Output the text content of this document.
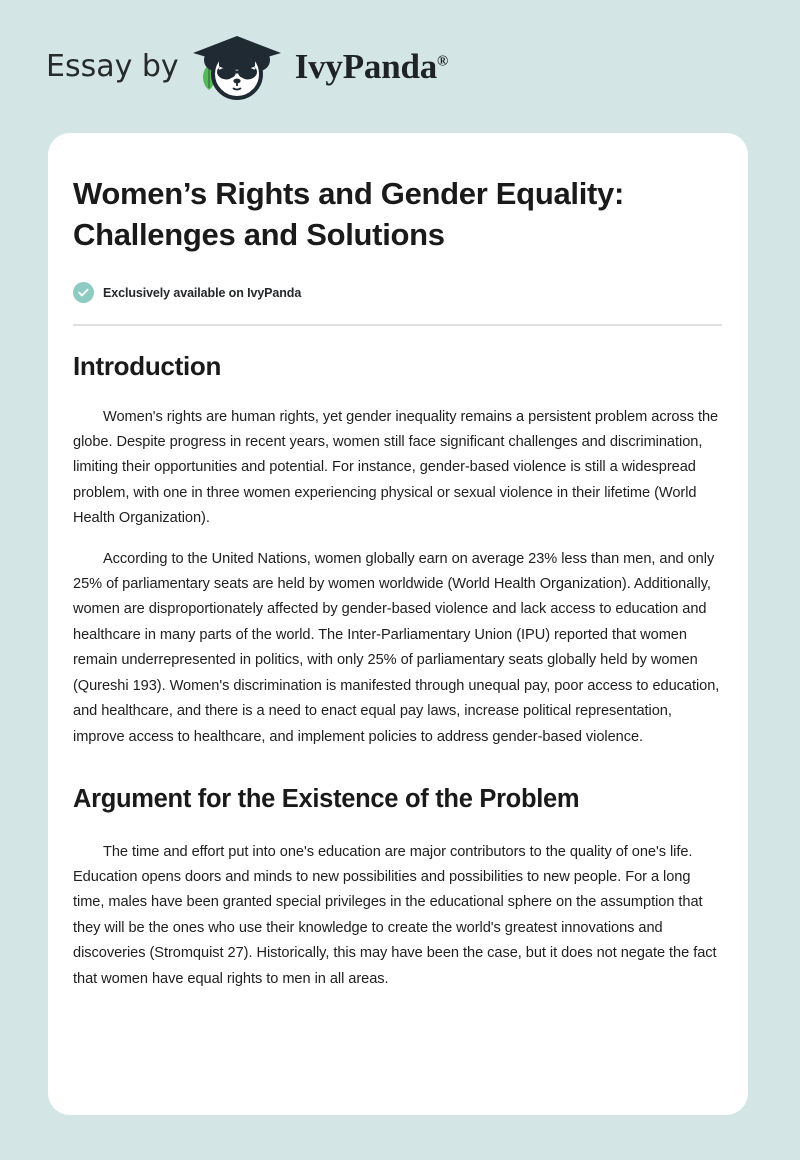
Essay by	IvyPanda®
Women’s Rights and Gender Equality: Challenges and Solutions
Exclusively available on IvyPanda
Introduction

Women's rights are human rights, yet gender inequality remains a persistent problem across the globe. Despite progress in recent years, women still face significant challenges and discrimination, limiting their opportunities and potential. For instance, gender-based violence is still a widespread problem, with one in three women experiencing physical or sexual violence in their lifetime (World Health Organization).

According to the United Nations, women globally earn on average 23% less than men, and only 25% of parliamentary seats are held by women worldwide (World Health Organization). Additionally, women are disproportionately affected by gender-based violence and lack access to education and healthcare in many parts of the world. The Inter-Parliamentary Union (IPU) reported that women remain underrepresented in politics, with only 25% of parliamentary seats globally held by women (Qureshi 193). Women's discrimination is manifested through unequal pay, poor access to education, and healthcare, and there is a need to enact equal pay laws, increase political representation, improve access to healthcare, and implement policies to address gender-based violence.

Argument for the Existence of the Problem

The time and effort put into one's education are major contributors to the quality of one's life. Education opens doors and minds to new possibilities and possibilities to new people. For a long time, males have been granted special privileges in the educational sphere on the assumption that they will be the ones who use their knowledge to create the world's greatest innovations and discoveries (Stromquist 27). Historically, this may have been the case, but it does not negate the fact that women have equal rights to men in all areas.
